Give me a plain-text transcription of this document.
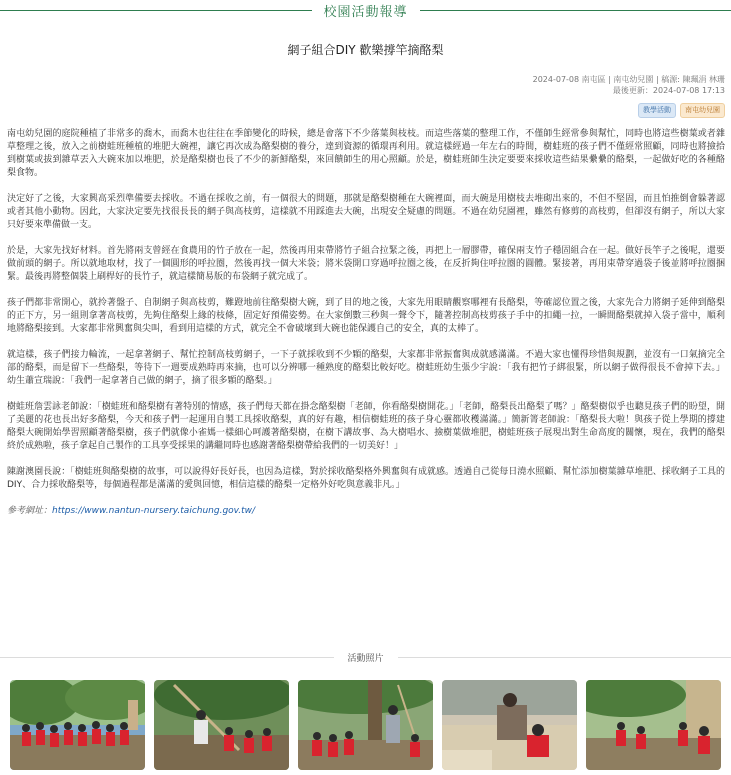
校園活動報導
網子組合DIY 歡樂撐竿摘酪梨
2024-07-08 南屯區 | 南屯幼兒園 | 稿源: 陳珮涓 林珊
最後更新：2024-07-08 17:13
教學活動	南屯幼兒園

南屯幼兒園的庭院種植了非常多的喬木，而喬木也往往在季節變化的時候，總是會落下不少落葉與枝枝。而這些落葉的整理工作，不僅師生經常參與幫忙，同時也將這些樹葉或者雜草整理之後，放入之前樹蛙班種植的堆肥大碗裡，讓它再次成為酪梨樹的養分，達到資源的循環再利用。就這樣經過一年左右的時間，樹蛙班的孩子們不僅經常照顧，同時也將撿拾到樹葉或拔到雜草丟入大碗來加以堆肥，於是酪梨樹也長了不少的新鮮酪梨，來回饋師生的用心照顧。於是，樹蛙班師生決定要要來採收這些結果纍纍的酪梨，一起做好吃的各種酪梨食物。

決定好了之後，大家興高采烈準備要去採收。不過在採收之前，有一個很大的問題，那就是酪梨樹種在大碗裡面，而大碗是用樹枝去堆砌出來的，不但不堅固，而且怕推倒會躲著認或者其他小動物。因此，大家決定要先找很長長的網子與高枝剪，這樣就不用踩進去大碗，出現安全疑慮的問題。不過在幼兒園裡，雖然有修剪的高枝剪，但卻沒有網子，所以大家只好要來準備做一支。

於是，大家先找好材料。首先將兩支曾經在食農用的竹子放在一起，然後再用束帶將竹子組合拉緊之後，再把上一層膠帶，確保兩支竹子穩固組合在一起。做好長竿子之後呢，還要做前頭的網子。所以就地取材，找了一個圓形的呼拉圈，然後再找一個大米袋；將米袋開口穿過呼拉圈之後，在反折夠住呼拉圈的圓體。緊接著，再用束帶穿過袋子後並將呼拉圈捆緊。最後再將整個裝上刷桿好的長竹子，就這樣簡易版的布袋網子就完成了。

孩子們都非常開心，就拎著盤子、自制網子與高枝剪，難蹬地前往酪梨樹大碗，到了目的地之後，大家先用眼睛觀察哪裡有長酪梨，等確認位置之後，大家先合力將網子延伸到酪梨的正下方，另一組則拿著高枝剪，先夠住酪梨上緣的枝條，固定好預備姿勢。在大家倒數三秒與一聲令下，隨著控制高枝剪孩子手中的扣繩一拉，一瞬間酪梨就掉入袋子當中，順利地將酪梨接到。大家都非常興奮與尖叫，看到用這樣的方式，就完全不會破壞到大碗也能保護自己的安全，真的太棒了。

就這樣，孩子們接力輪流，一起拿著網子、幫忙控制高枝剪網子，一下子就採收到不少顆的酪梨，大家都非常振奮與成就感滿滿。不過大家也懂得珍惜與規劃，並沒有一口氣摘完全部的酪梨，而是留下一些酪梨，等待下一週要成熟時再來摘，也可以分辨哪一種熟度的酪梨比較好吃。樹蛙班幼生張少宇說：「我有把竹子綁很緊，所以網子做得很長不會掉下去。」幼生蕭宣瑞說：「我們一起拿著自己做的網子，摘了很多顆的酪梨。」

樹蛙班詹雲詠老師說：「樹蛙班和酪梨樹有著特別的情感，孩子們每天都在掛念酪梨樹「老師，你看酪梨樹開花。」「老師，酪梨長出酪梨了嗎？」酪梨樹似乎也聽見孩子們的盼望，開了美麗的花也長出好多酪梨，今天和孩子們一起運用自製工具採收酪梨，真的好有趣，相信樹蛙班的孩子身心靈都收穫滿滿。」簡新箐老師說：「酪梨長大啦！與孩子從上學期的撐建酪梨大碗開始學習照顧著酪梨樹，孩子們就像小雀媽一樣細心呵護著酪梨樹，在樹下講故事、為大樹唱水、撿樹葉做堆肥，樹蛙班孩子展現出對生命高度的關懷，現在，我們的酪梨終於成熟啦，孩子拿起自己製作的工具享受採果的講繼同時也感謝著酪梨樹帶給我們的一切美好！」

陳謝澳園長說：「樹蛙班與酪梨樹的故事，可以說得好長好長，也因為這樣，對於採收酪梨格外興奮與有成就感。透過自己從每日澆水照顧、幫忙添加樹葉雜草堆肥、採收網子工具的DIY、合力採收酪梨等，每個過程都是滿滿的愛與回憶，相信這樣的酪梨一定格外好吃與意義非凡。」

參考網址：https://www.nantun-nursery.taichung.gov.tw/
活動照片
